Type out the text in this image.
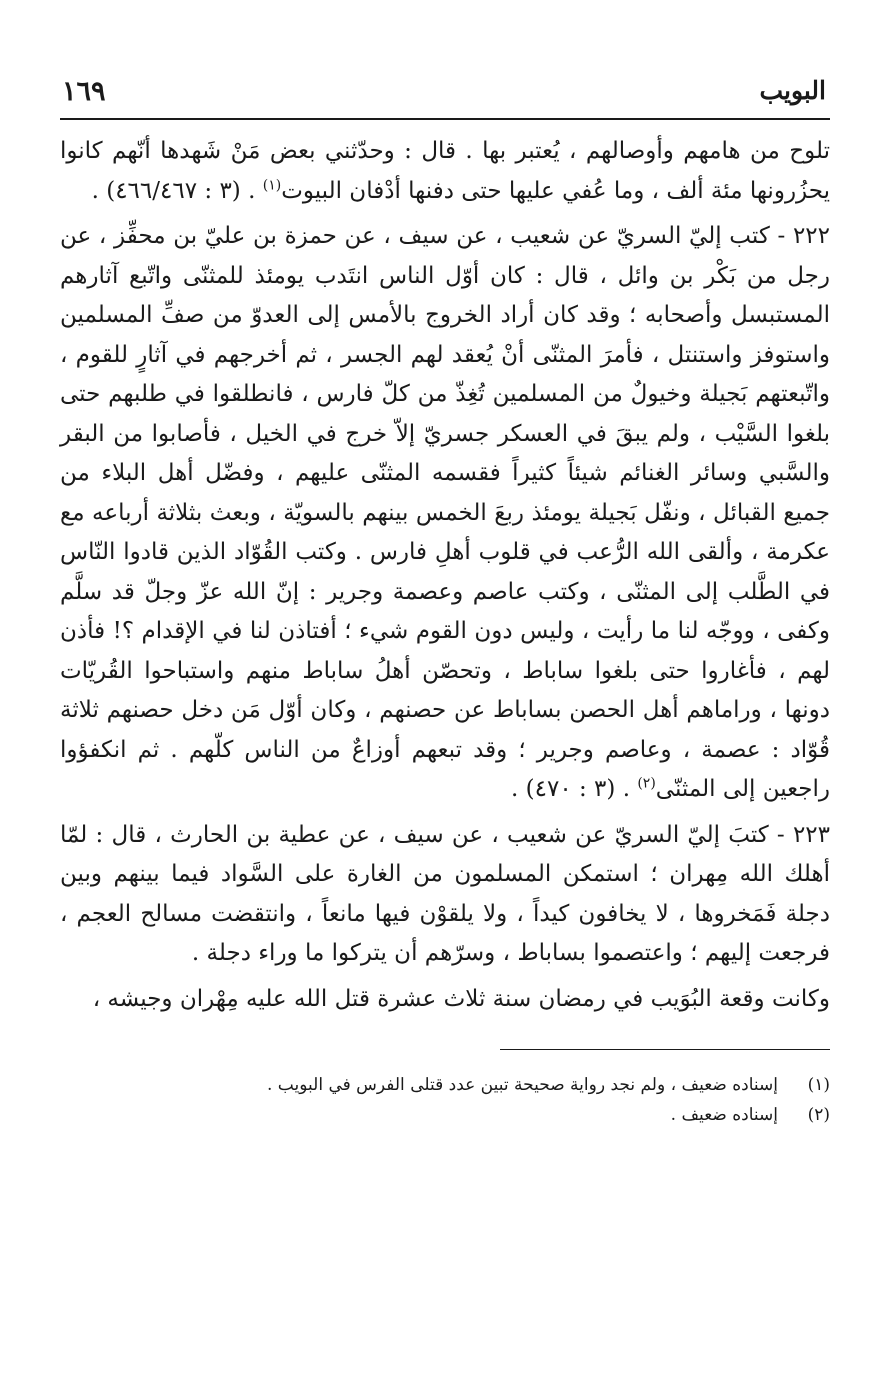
البويب
١٦٩

تلوح من هامهم وأوصالهم ، يُعتبر بها . قال : وحدّثني بعض مَنْ شَهدها أنّهم كانوا يحزُرونها مئة ألف ، وما عُفي عليها حتى دفنها أدْفان البيوت$^{(١)}$ . (٣ : ٤٦٦/٤٦٧) .

٢٢٢ - كتب إليّ السريّ عن شعيب ، عن سيف ، عن حمزة بن عليّ بن محفِّز ، عن رجل من بَكْر بن وائل ، قال : كان أوّل الناس انتَدب يومئذ للمثنّى واتّبع آثارهم المستبسل وأصحابه ؛ وقد كان أراد الخروج بالأمس إلى العدوّ من صفِّ المسلمين واستوفز واستنتل ، فأمرَ المثنّى أنْ يُعقد لهم الجسر ، ثم أخرجهم في آثارٍ للقوم ، واتّبعتهم بَجيلة وخيولٌ من المسلمين تُغِذّ من كلّ فارس ، فانطلقوا في طلبهم حتى بلغوا السَّيْب ، ولم يبقَ في العسكر جسريّ إلاّ خرج في الخيل ، فأصابوا من البقر والسَّبي وسائر الغنائم شيئاً كثيراً فقسمه المثنّى عليهم ، وفضّل أهل البلاء من جميع القبائل ، ونفّل بَجيلة يومئذ ربعَ الخمس بينهم بالسويّة ، وبعث بثلاثة أرباعه مع عكرمة ، وألقى الله الرُّعب في قلوب أهلِ فارس . وكتب القُوّاد الذين قادوا النّاس في الطَّلب إلى المثنّى ، وكتب عاصم وعصمة وجرير : إنّ الله عزّ وجلّ قد سلَّم وكفى ، ووجّه لنا ما رأيت ، وليس دون القوم شيء ؛ أفتاذن لنا في الإقدام ؟! فأذن لهم ، فأغاروا حتى بلغوا ساباط ، وتحصّن أهلُ ساباط منهم واستباحوا القُريّات دونها ، وراماهم أهل الحصن بساباط عن حصنهم ، وكان أوّل مَن دخل حصنهم ثلاثة قُوّاد : عصمة ، وعاصم وجرير ؛ وقد تبعهم أوزاعٌ من الناس كلّهم . ثم انكفؤوا راجعين إلى المثنّى$^{(٢)}$ . (٣ : ٤٧٠) .

٢٢٣ - كتبَ إليّ السريّ عن شعيب ، عن سيف ، عن عطية بن الحارث ، قال : لمّا أهلك الله مِهران ؛ استمكن المسلمون من الغارة على السَّواد فيما بينهم وبين دجلة فَمَخروها ، لا يخافون كيداً ، ولا يلقوْن فيها مانعاً ، وانتقضت مسالح العجم ، فرجعت إليهم ؛ واعتصموا بساباط ، وسرّهم أن يتركوا ما وراء دجلة .

وكانت وقعة البُوَيب في رمضان سنة ثلاث عشرة قتل الله عليه مِهْران وجيشه ،

(١)
إسناده ضعيف ، ولم نجد رواية صحيحة تبين عدد قتلى الفرس في البويب .
(٢)
إسناده ضعيف .
